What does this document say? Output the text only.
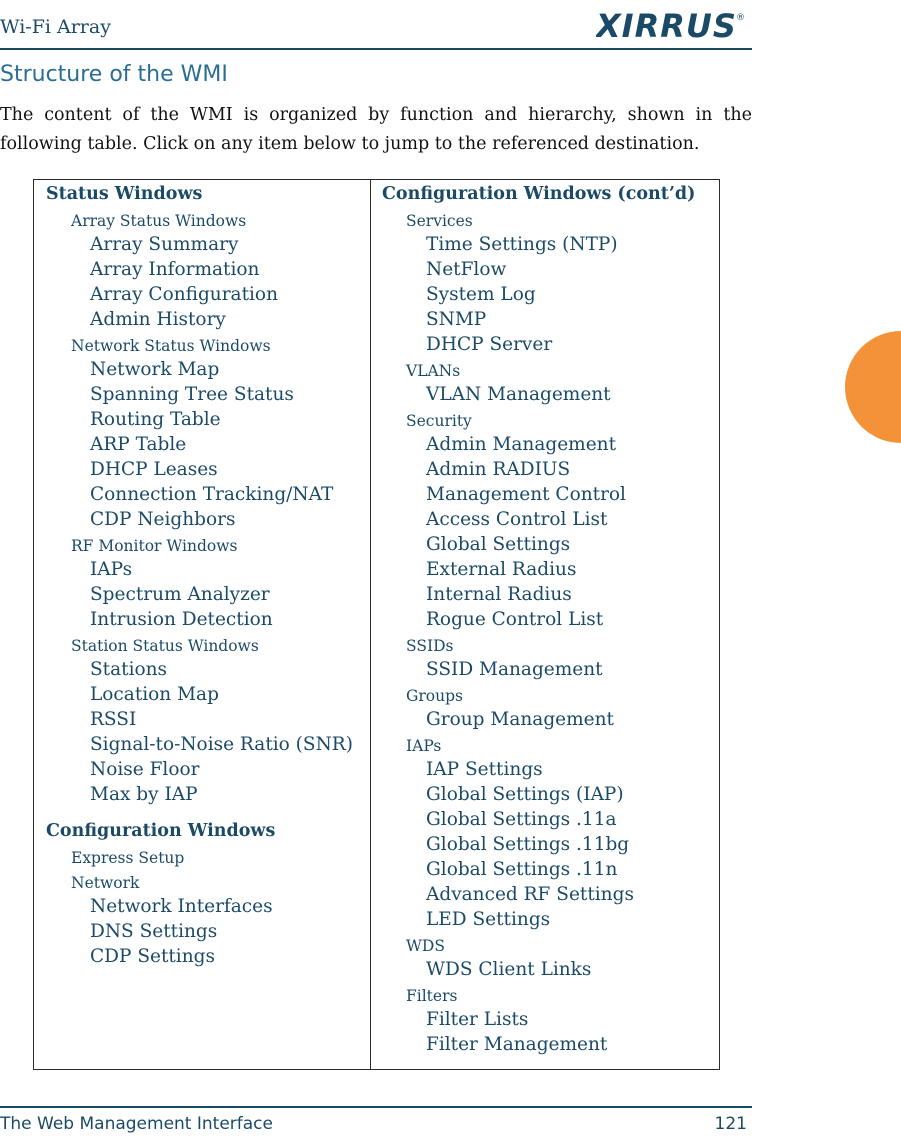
Wi-Fi Array	XIRRUS ®
Structure of the WMI

The content of the WMI is organized by function and hierarchy, shown in the following table. Click on any item below to jump to the referenced destination.

Status Windows
Array Status Windows
Array Summary
Array Information
Array Configuration
Admin History
Network Status Windows
Network Map
Spanning Tree Status
Routing Table
ARP Table
DHCP Leases
Connection Tracking/NAT
CDP Neighbors
RF Monitor Windows
IAPs
Spectrum Analyzer
Intrusion Detection
Station Status Windows
Stations
Location Map
RSSI
Signal-to-Noise Ratio (SNR)
Noise Floor
Max by IAP
Configuration Windows
Express Setup
Network
Network Interfaces
DNS Settings
CDP Settings
Configuration Windows (cont’d)
Services
Time Settings (NTP)
NetFlow
System Log
SNMP
DHCP Server
VLANs
VLAN Management
Security
Admin Management
Admin RADIUS
Management Control
Access Control List
Global Settings
External Radius
Internal Radius
Rogue Control List
SSIDs
SSID Management
Groups
Group Management
IAPs
IAP Settings
Global Settings (IAP)
Global Settings .11a
Global Settings .11bg
Global Settings .11n
Advanced RF Settings
LED Settings
WDS
WDS Client Links
Filters
Filter Lists
Filter Management
The Web Management Interface	121
